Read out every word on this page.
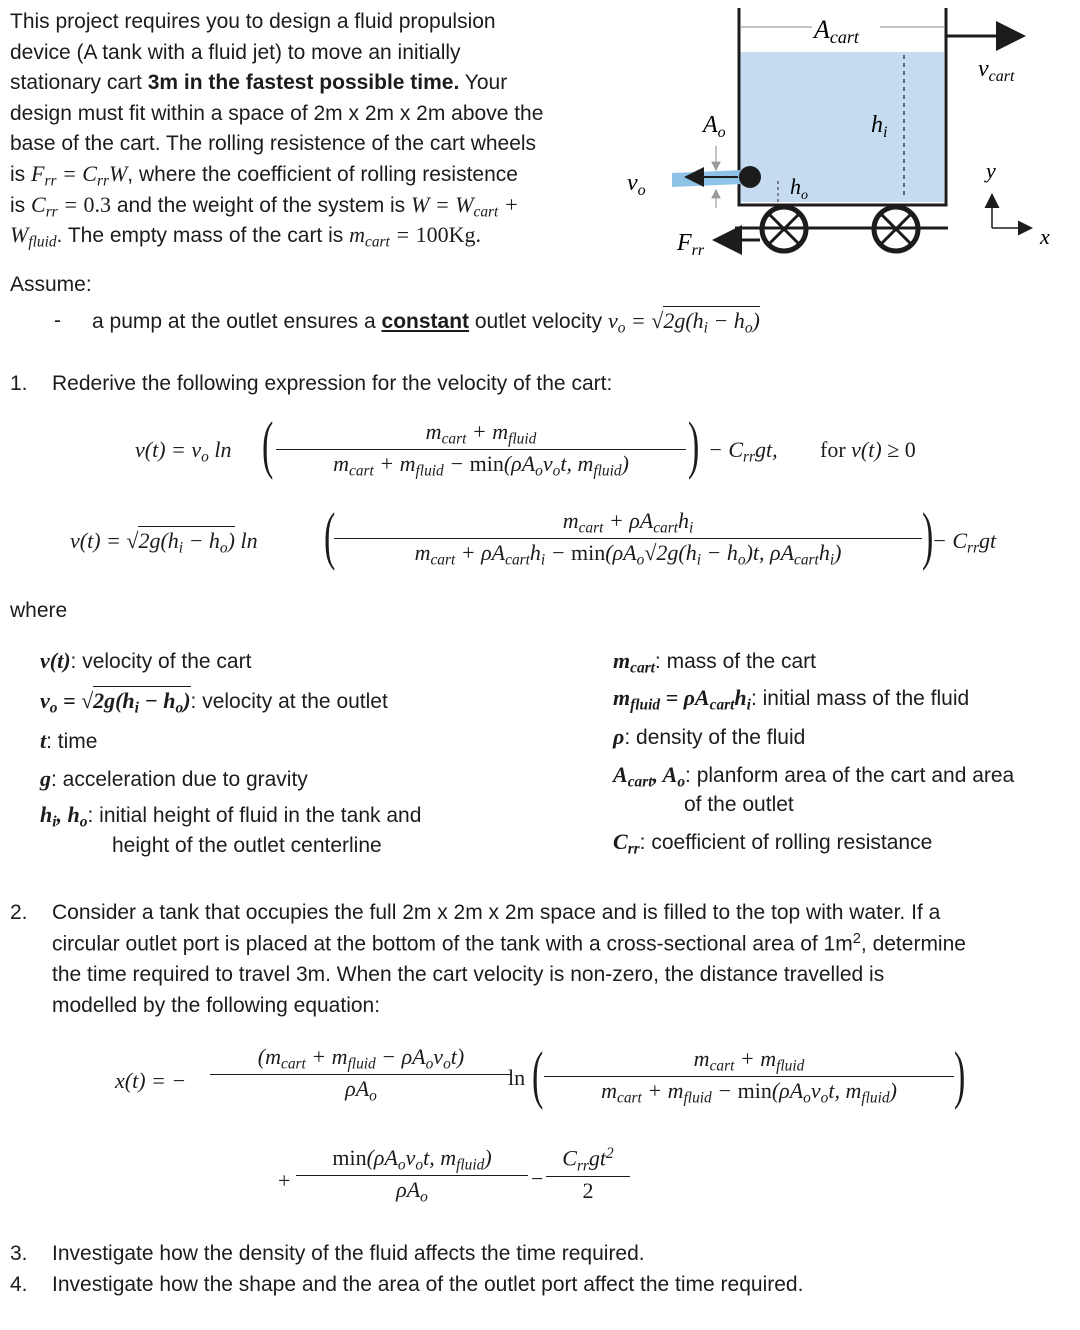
This project requires you to design a fluid propulsion
device (A tank with a fluid jet) to move an initially
stationary cart 3m in the fastest possible time. Your
design must fit within a space of 2m x 2m x 2m above the
base of the cart. The rolling resistence of the cart wheels
is $F_{rr} = C_{rr}W$, where the coefficient of rolling resistence
is $C_{rr} = 0.3$ and the weight of the system is $W = W_{cart}$ +
$W_{fluid}$. The empty mass of the cart is $m_{cart} = 100Kg$.
Acart
$h_i$
$v_{cart}$
$A_o$
$v_o$	$h_o$
$F_{rr}$
y
x
Assume:
- a pump at the outlet ensures a constant outlet velocity $v_o = √2g(h_i - h_o)$
1. Rederive the following expression for the velocity of the cart:
$v(t) = v_o$ ln (	$m_{cart} + m_{fluid}$
$m_{cart} + m_{fluid} - \min(\rho A_ov_ot$, $m_{fluid}$)	) − $C_{rr}gt$, for v(t) ≥ 0
$v(t) = √2g(h_i - h_o)$ ln (	$m_{cart} + \rho A_{cart}h_i$
$m_{cart} + \rho A_{cart}h_i - \min(\rho A_o√2g(h_i - h_o)t$, $\rho A_{cart}h_i$)	)
− $C_{rr}gt$
where
v(t): velocity of the cart
$v_o = √2g(h_i - h_o)$: velocity at the outlet
t: time
g: acceleration due to gravity
$h_i$, $h_o$: initial height of fluid in the tank and
height of the outlet centerline
$m_{cart}$: mass of the cart
$m_{fluid} = \rho A_{cart}h_i$: initial mass of the fluid
ρ: density of the fluid
$A_{cart}$, $A_o$: planform area of the cart and area
of the outlet
$C_{rr}$: coefficient of rolling resistance
2. Consider a tank that occupies the full 2m x 2m x 2m space and is filled to the top with water. If a
circular outlet port is placed at the bottom of the tank with a cross-sectional area of $1m^2$, determine
the time required to travel 3m. When the cart velocity is non-zero, the distance travelled is
modelled by the following equation:
x(t) = −
$(m_{cart} + m_{fluid} - \rho A_ov_ot)$
$\rho A_o$
ln (	$m_{cart} + m_{fluid}$
$m_{cart} + m_{fluid} - \min(\rho A_ov_ot$, $m_{fluid}$)	)
+
$\min(\rho A_ov_ot$, $m_{fluid}$)
$\rho A_o$
−
$C_{rr}gt^2$
2
3. Investigate how the density of the fluid affects the time required.
4. Investigate how the shape and the area of the outlet port affect the time required.
